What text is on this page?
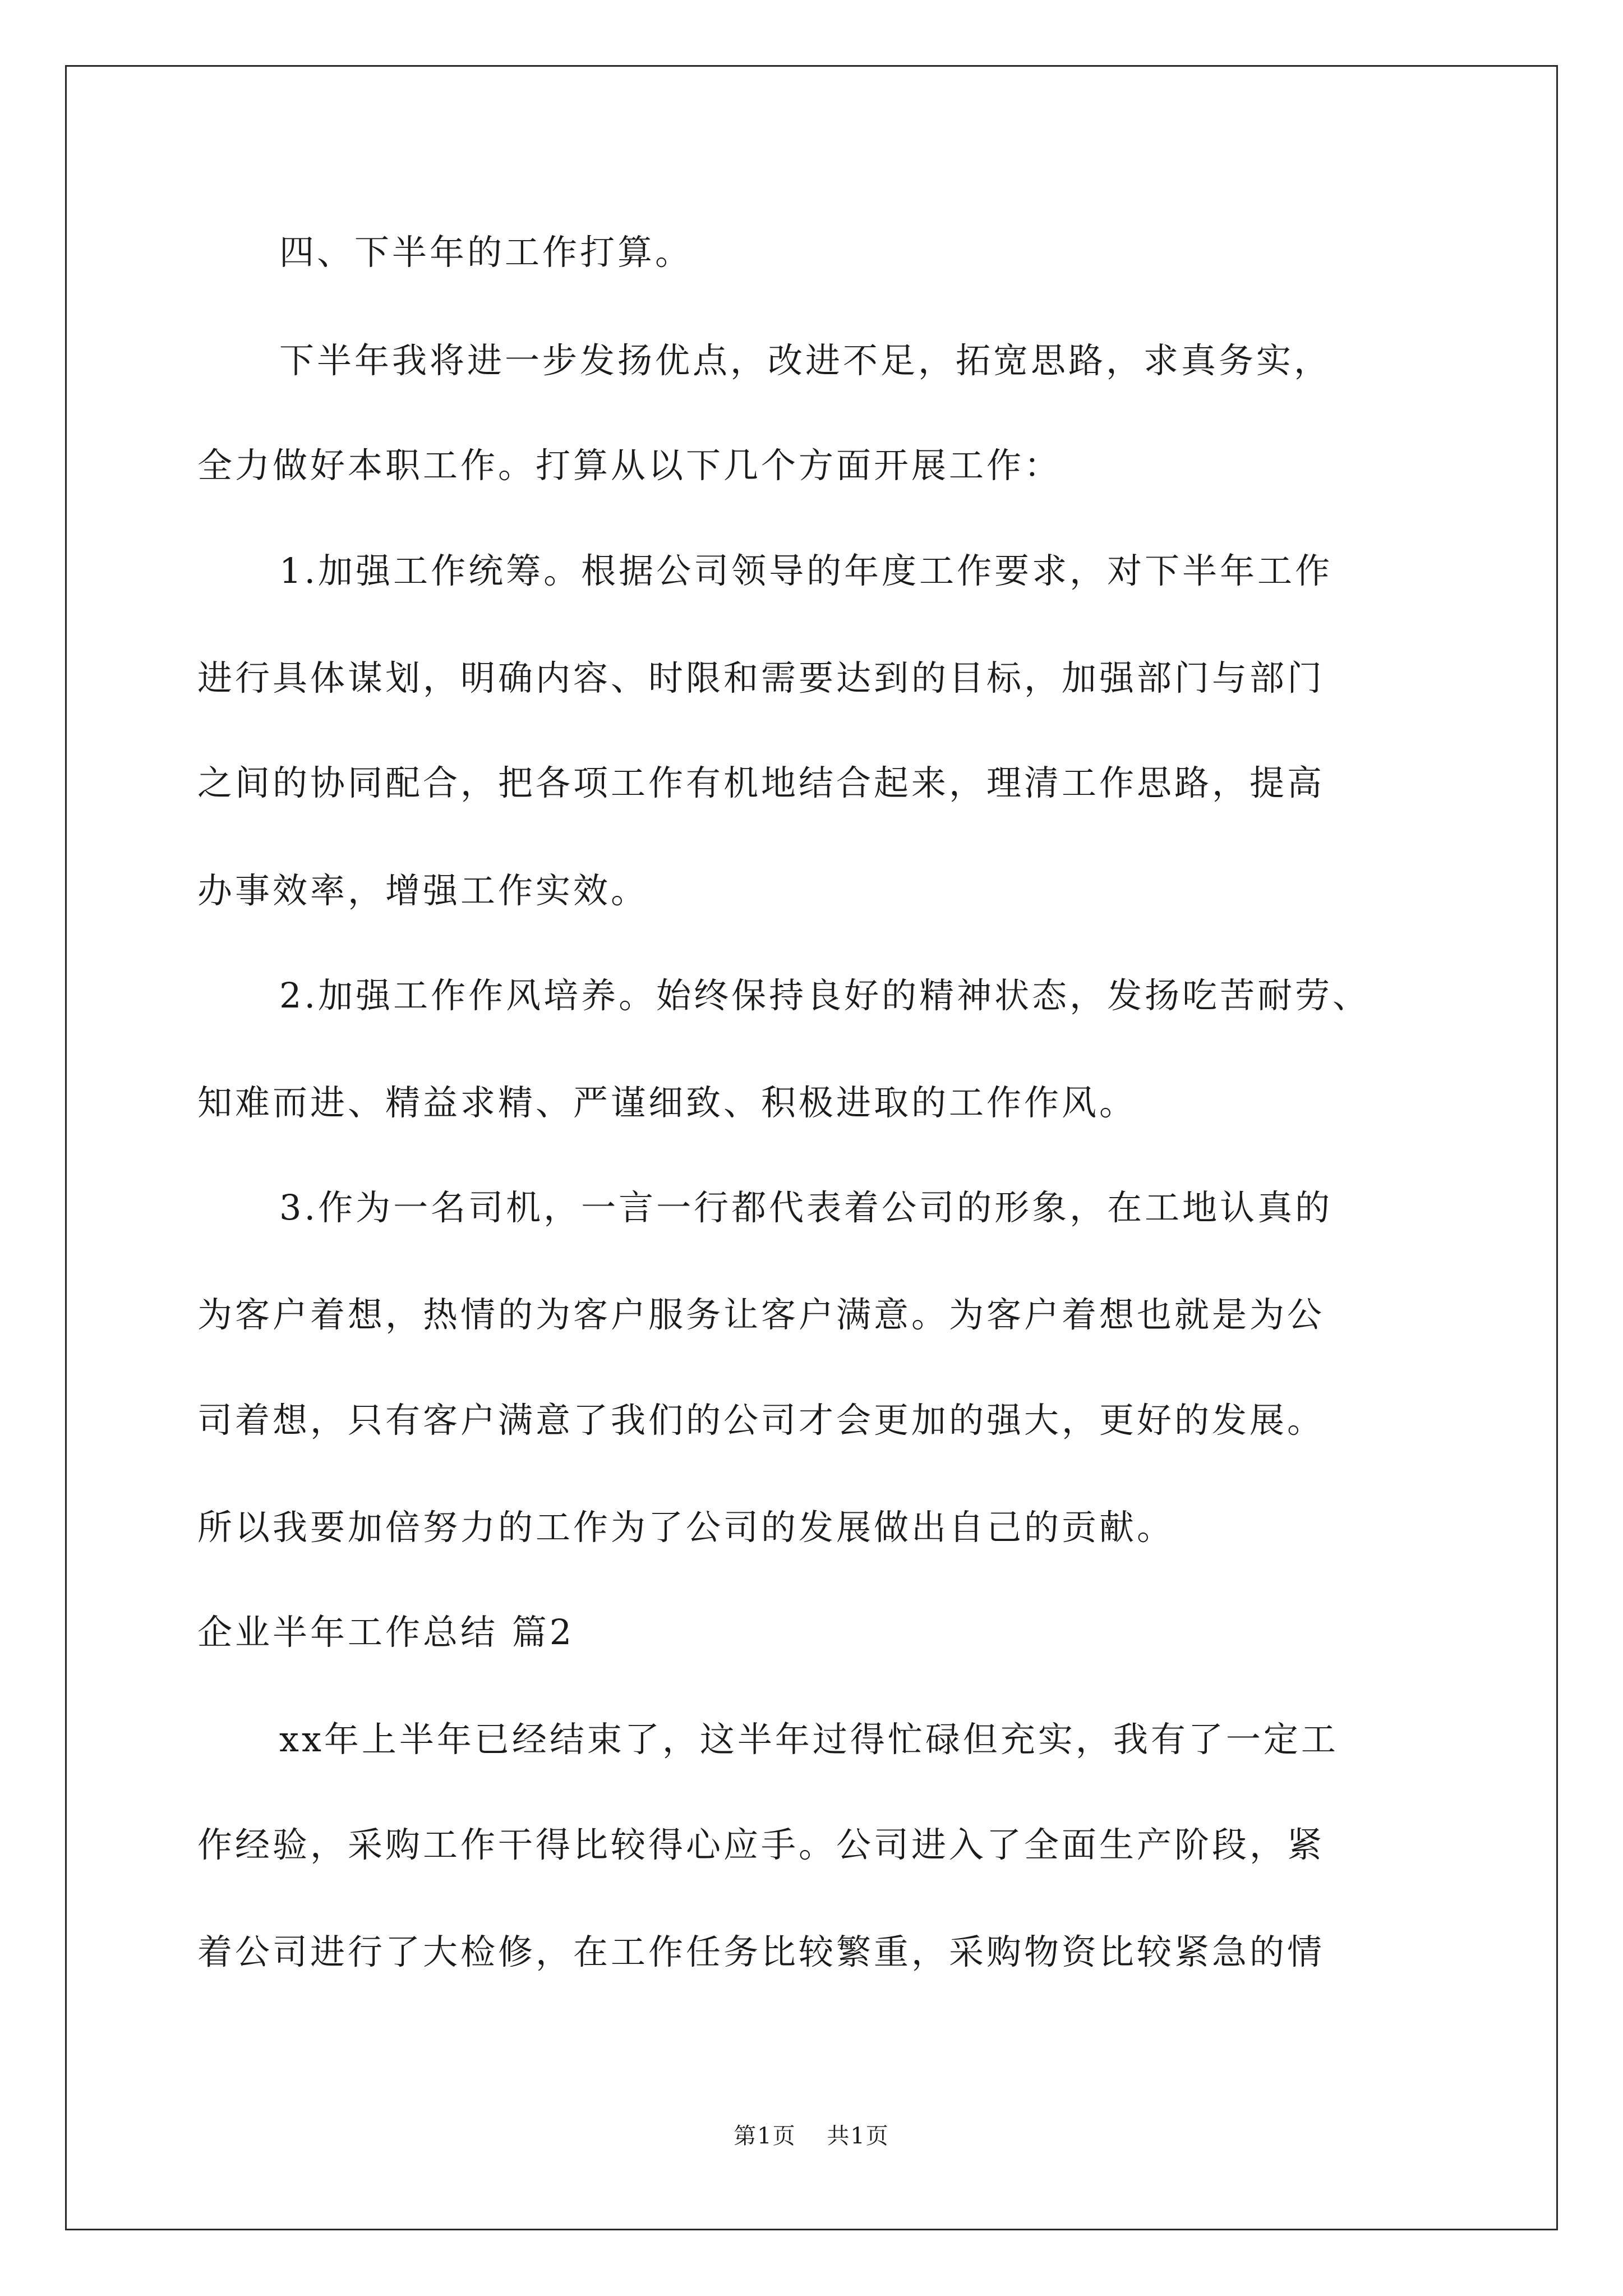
四、下半年的工作打算。
下半年我将进一步发扬优点，改进不足，拓宽思路，求真务实，
全力做好本职工作。打算从以下几个方面开展工作：
1.加强工作统筹。根据公司领导的年度工作要求，对下半年工作
进行具体谋划，明确内容、时限和需要达到的目标，加强部门与部门
之间的协同配合，把各项工作有机地结合起来，理清工作思路，提高
办事效率，增强工作实效。
2.加强工作作风培养。始终保持良好的精神状态，发扬吃苦耐劳、
知难而进、精益求精、严谨细致、积极进取的工作作风。
3.作为一名司机，一言一行都代表着公司的形象，在工地认真的
为客户着想，热情的为客户服务让客户满意。为客户着想也就是为公
司着想，只有客户满意了我们的公司才会更加的强大，更好的发展。
所以我要加倍努力的工作为了公司的发展做出自己的贡献。
企业半年工作总结 篇2
xx年上半年已经结束了，这半年过得忙碌但充实，我有了一定工
作经验，采购工作干得比较得心应手。公司进入了全面生产阶段，紧
着公司进行了大检修，在工作任务比较繁重，采购物资比较紧急的情
第1页 共1页
